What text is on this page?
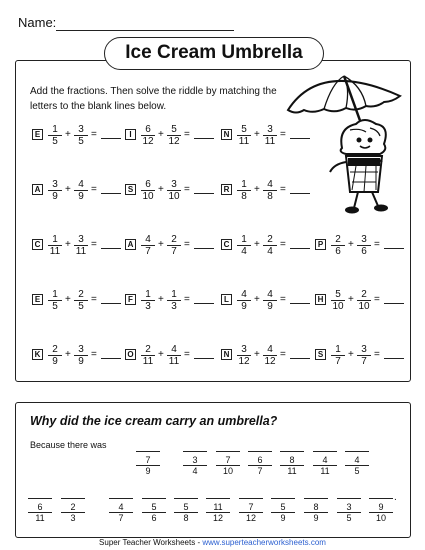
Name:
Ice Cream Umbrella
Add the fractions. Then solve the riddle by matching the letters to the blank lines below.
E $\frac{1}{5} + \frac{3}{5}$ =	I $\frac{6}{12} + \frac{5}{12}$ =	N $\frac{5}{11} + \frac{3}{11}$ =
A $\frac{3}{9} + \frac{4}{9}$ =	S $\frac{6}{10} + \frac{3}{10}$ =	R $\frac{1}{8} + \frac{4}{8}$ =
C $\frac{1}{11} + \frac{3}{11}$ =	A $\frac{4}{7} + \frac{2}{7}$ =	C $\frac{1}{4} + \frac{2}{4}$ =	P $\frac{2}{6} + \frac{3}{6}$ =
E $\frac{1}{5} + \frac{2}{5}$ =	F $\frac{1}{3} + \frac{1}{3}$ =	L $\frac{4}{9} + \frac{4}{9}$ =	H $\frac{5}{10} + \frac{2}{10}$ =
K $\frac{2}{9} + \frac{3}{9}$ =	O $\frac{2}{11} + \frac{4}{11}$ =	N $\frac{3}{12} + \frac{4}{12}$ =	S $\frac{1}{7} + \frac{3}{7}$ =
Why did the ice cream carry an umbrella?
Because there was	$\frac{7}{9}$	$\frac{3}{4} \frac{7}{10} \frac{6}{7} \frac{8}{11} \frac{4}{11} \frac{4}{5}$
$\frac{6}{11} \frac{2}{3}$	$\frac{4}{7} \frac{5}{6} \frac{5}{8} \frac{11}{12} \frac{7}{12} \frac{5}{9} \frac{8}{9} \frac{3}{5} \frac{9}{10}$ .
Super Teacher Worksheets - www.superteacherworksheets.com
